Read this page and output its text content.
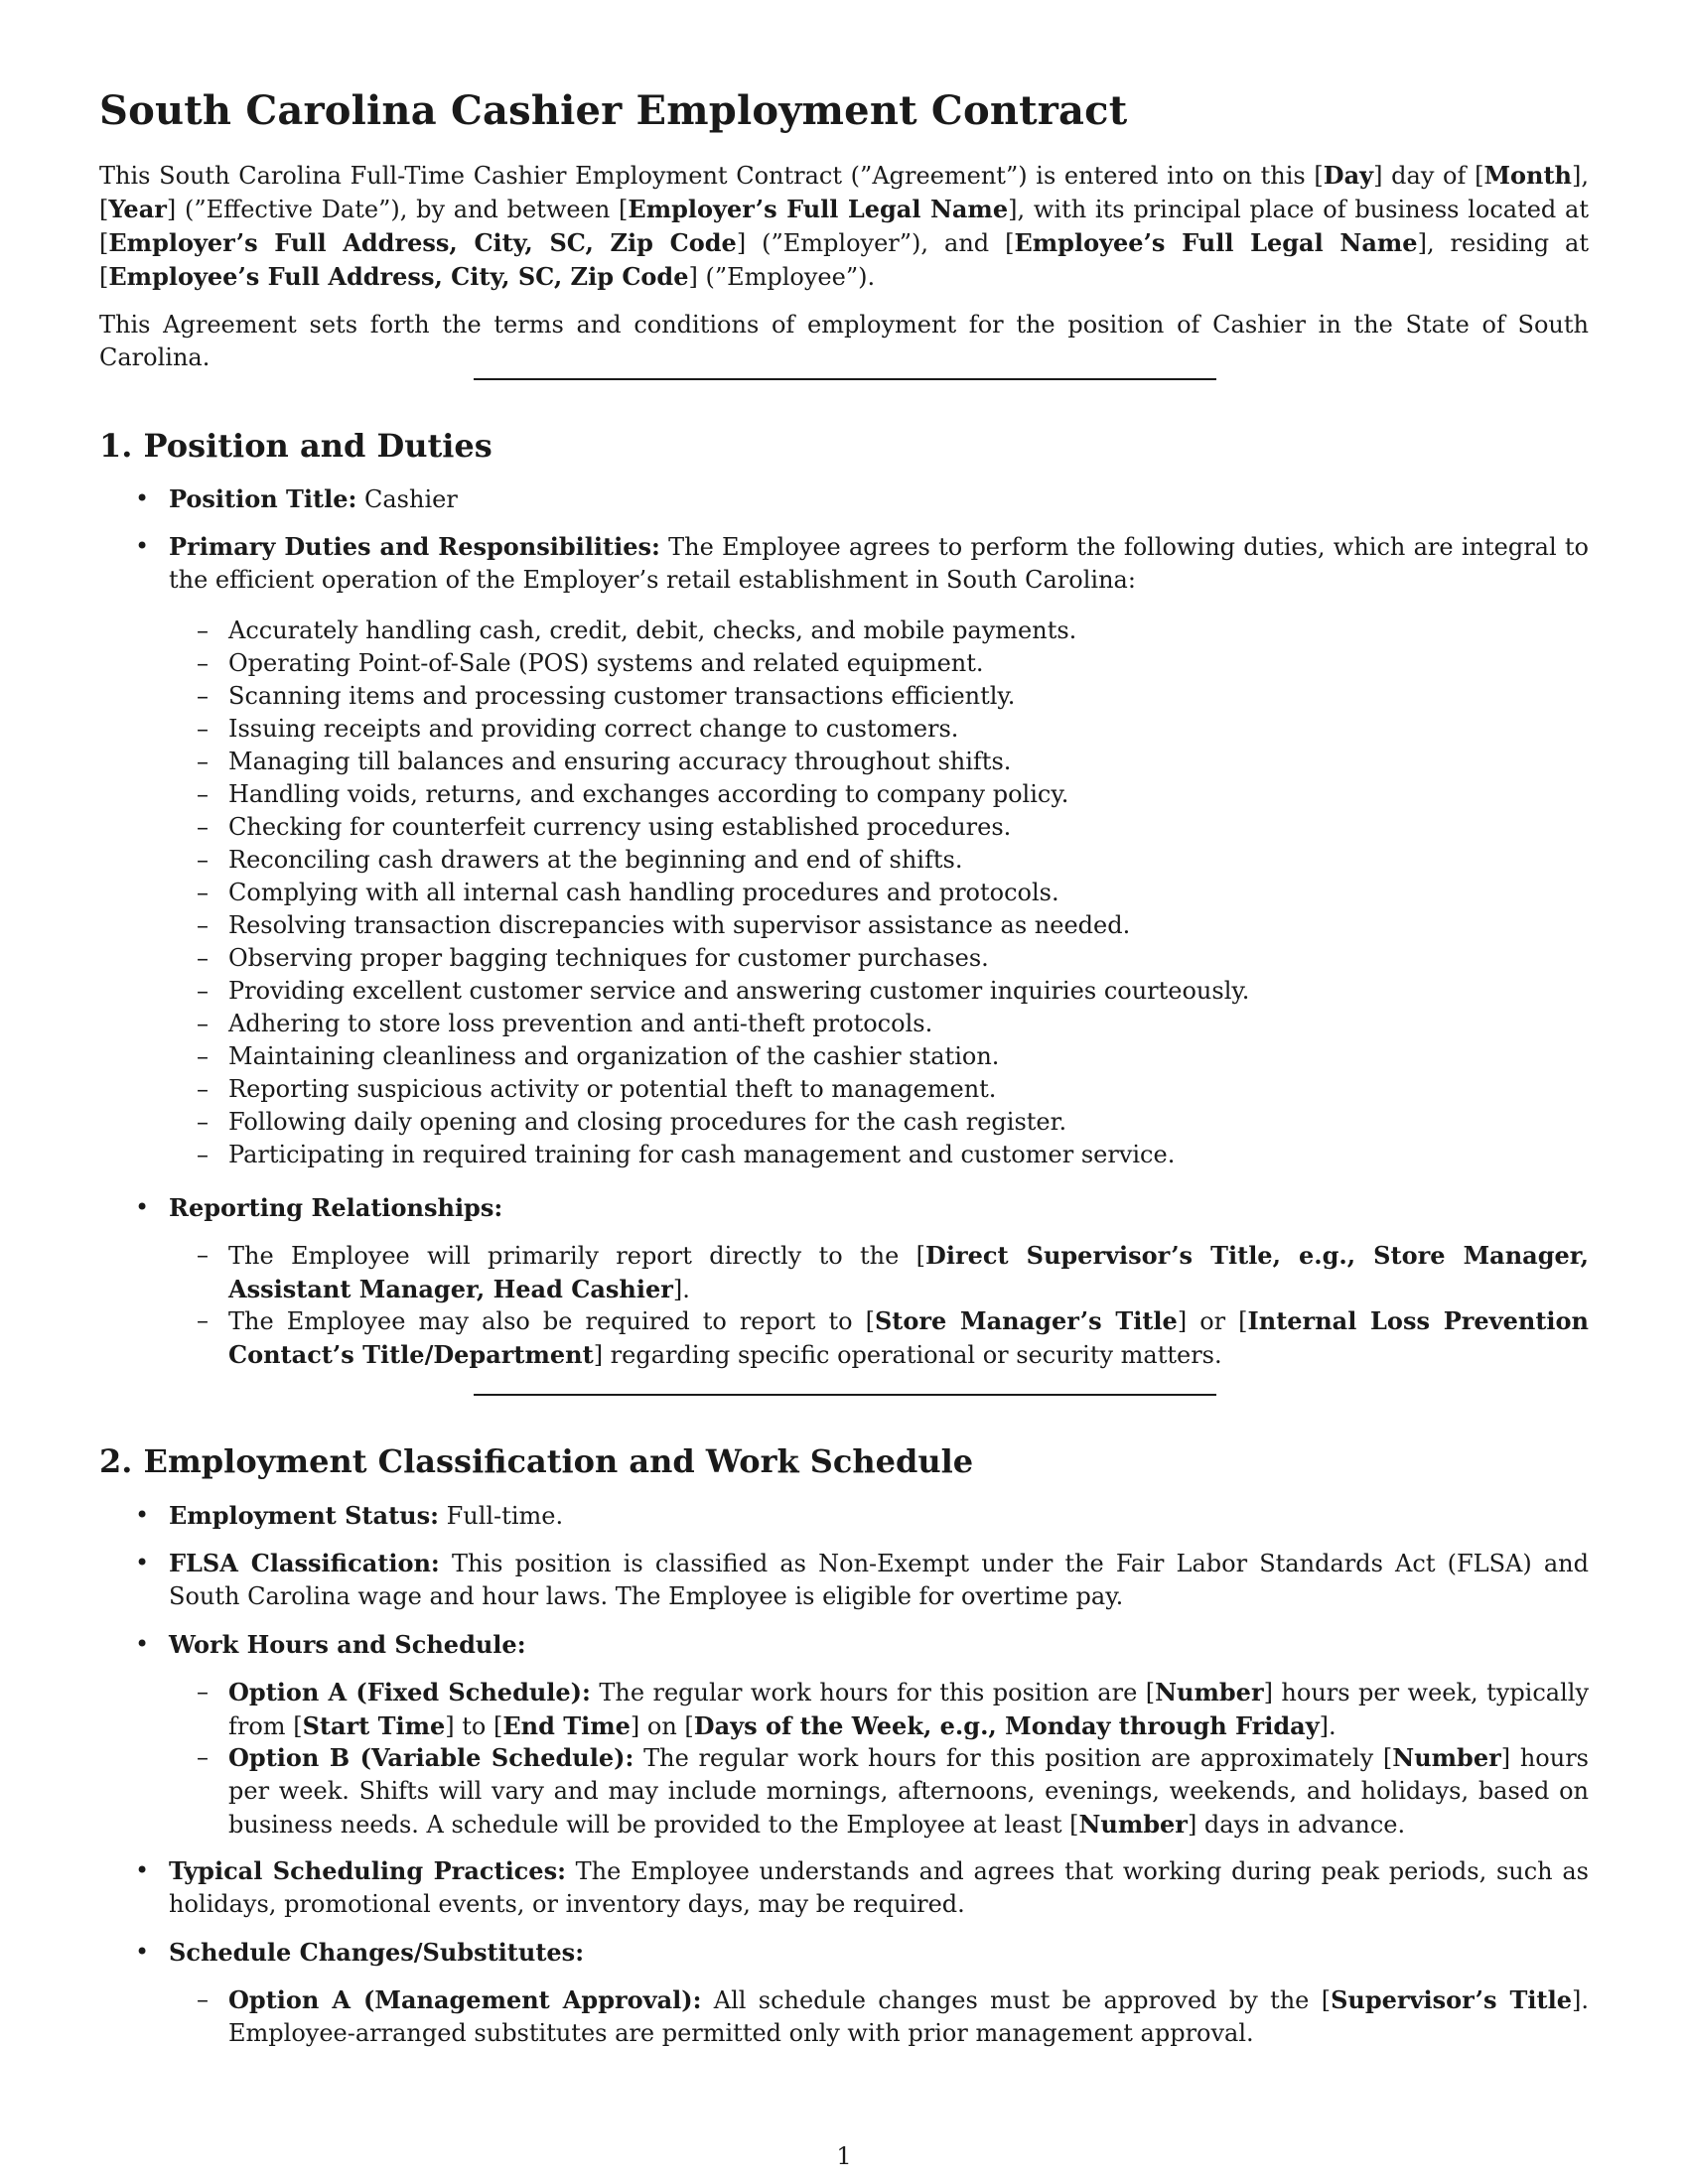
South Carolina Cashier Employment Contract

This South Carolina Full-Time Cashier Employment Contract (”Agreement”) is entered into on this [Day] day of [Month], [Year] (”Effective Date”), by and between [Employer’s Full Legal Name], with its principal place of business located at [Employer’s Full Address, City, SC, Zip Code] (”Employer”), and [Employee’s Full Legal Name], residing at [Employee’s Full Address, City, SC, Zip Code] (”Employee”).

This Agreement sets forth the terms and conditions of employment for the position of Cashier in the State of South Carolina.

1. Position and Duties
• Position Title: Cashier

• Primary Duties and Responsibilities: The Employee agrees to perform the following duties, which are integral to the efficient operation of the Employer’s retail establishment in South Carolina:

– Accurately handling cash, credit, debit, checks, and mobile payments.

– Operating Point-of-Sale (POS) systems and related equipment.

– Scanning items and processing customer transactions efficiently.

– Issuing receipts and providing correct change to customers.

– Managing till balances and ensuring accuracy throughout shifts.

– Handling voids, returns, and exchanges according to company policy.

– Checking for counterfeit currency using established procedures.

– Reconciling cash drawers at the beginning and end of shifts.

– Complying with all internal cash handling procedures and protocols.

– Resolving transaction discrepancies with supervisor assistance as needed.

– Observing proper bagging techniques for customer purchases.

– Providing excellent customer service and answering customer inquiries courteously.

– Adhering to store loss prevention and anti-theft protocols.

– Maintaining cleanliness and organization of the cashier station.

– Reporting suspicious activity or potential theft to management.

– Following daily opening and closing procedures for the cash register.

– Participating in required training for cash management and customer service.

• Reporting Relationships:

– The Employee will primarily report directly to the [Direct Supervisor’s Title, e.g., Store Manager, Assistant Manager, Head Cashier].

– The Employee may also be required to report to [Store Manager’s Title] or [Internal Loss Prevention Contact’s Title/Department] regarding specific operational or security matters.

2. Employment Classification and Work Schedule
• Employment Status: Full-time.

• FLSA Classification: This position is classified as Non-Exempt under the Fair Labor Standards Act (FLSA) and South Carolina wage and hour laws. The Employee is eligible for overtime pay.

• Work Hours and Schedule:

– Option A (Fixed Schedule): The regular work hours for this position are [Number] hours per week, typically from [Start Time] to [End Time] on [Days of the Week, e.g., Monday through Friday].

– Option B (Variable Schedule): The regular work hours for this position are approximately [Number] hours per week. Shifts will vary and may include mornings, afternoons, evenings, weekends, and holidays, based on business needs. A schedule will be provided to the Employee at least [Number] days in advance.

• Typical Scheduling Practices: The Employee understands and agrees that working during peak periods, such as holidays, promotional events, or inventory days, may be required.

• Schedule Changes/Substitutes:

– Option A (Management Approval): All schedule changes must be approved by the [Supervisor’s Title]. Employee-arranged substitutes are permitted only with prior management approval.

1
